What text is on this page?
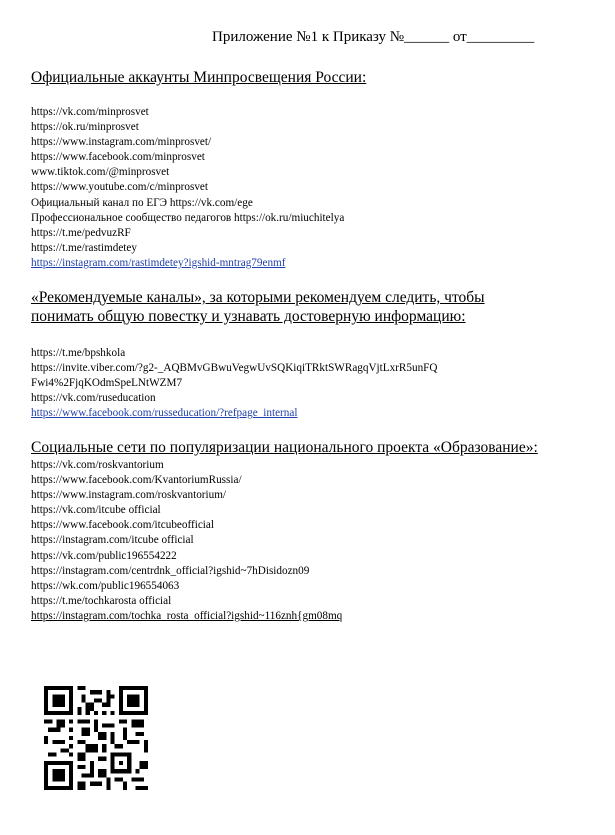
Приложение №1 к Приказу №______ от_________
Официальные аккаунты Минпросвещения России:
https://vk.com/minprosvet
https://ok.ru/minprosvet
https://www.instagram.com/minprosvet/
https://www.facebook.com/minprosvet
www.tiktok.com/@minprosvet
https://www.youtube.com/c/minprosvet
Официальный канал по ЕГЭ https://vk.com/ege
Профессиональное сообщество педагогов https://ok.ru/miuchitelya
https://t.me/pedvuzRF
https://t.me/rastimdetey
https://instagram.com/rastimdetey?igshid-mntrag79enmf
«Рекомендуемые каналы», за которыми рекомендуем следить, чтобы
понимать общую повестку и узнавать достоверную информацию:
https://t.me/bpshkola
https://invite.viber.com/?g2-_AQBMvGBwuVegwUvSQKiqiTRktSWRagqVjtLxrR5unFQ
Fwi4%2FjqKOdmSpeLNtWZM7
https://vk.com/ruseducation
https://www.facebook.com/russeducation/?refpage_internal
Социальные сети по популяризации национального проекта «Образование»:
https://vk.com/roskvantorium
https://www.facebook.com/KvantoriumRussia/
https://www.instagram.com/roskvantorium/
https://vk.com/itcube official
https://www.facebook.com/itcubeofficial
https://instagram.com/itcube official
https://vk.com/public196554222
https://instagram.com/centrdnk_official?igshid~7hDisidozn09
https://wk.com/public196554063
https://t.me/tochkarosta official
https://instagram.com/tochka_rosta_official?igshid~116znh{gm08mq
